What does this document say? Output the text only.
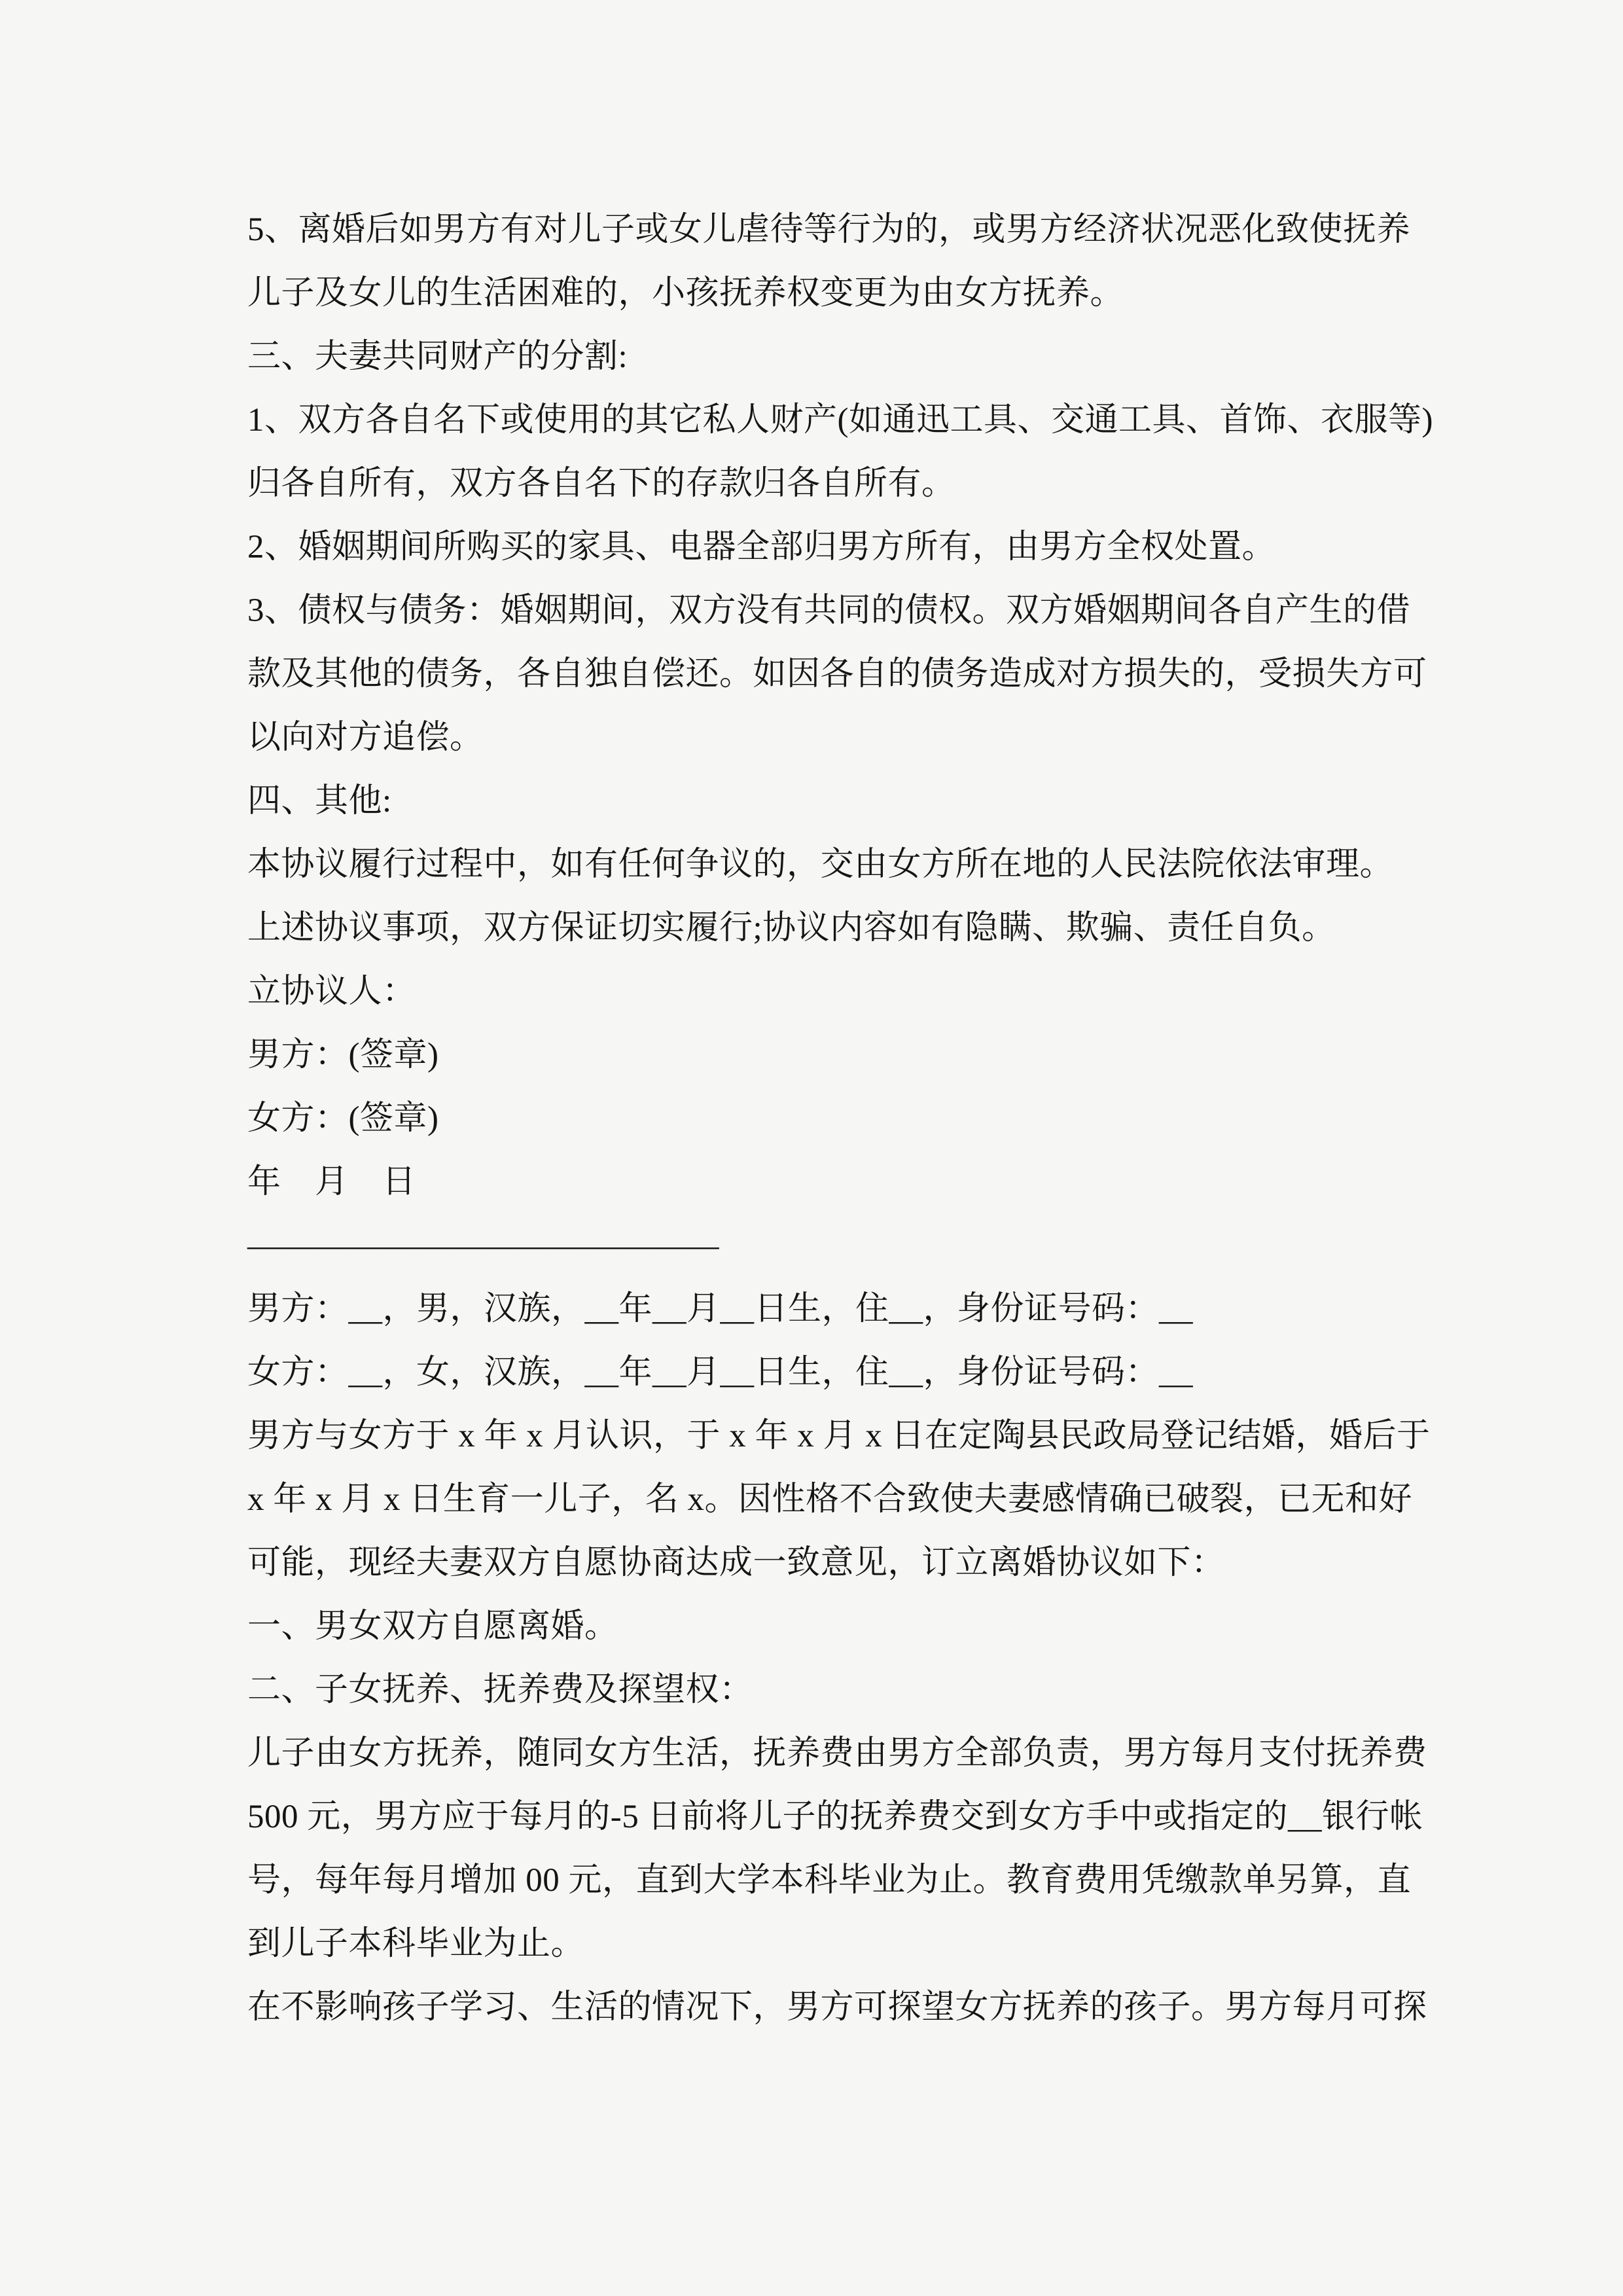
5、离婚后如男方有对儿子或女儿虐待等行为的，或男方经济状况恶化致使抚养

儿子及女儿的生活困难的，小孩抚养权变更为由女方抚养。

三、夫妻共同财产的分割:

1、双方各自名下或使用的其它私人财产(如通迅工具、交通工具、首饰、衣服等)

归各自所有，双方各自名下的存款归各自所有。

2、婚姻期间所购买的家具、电器全部归男方所有，由男方全权处置。

3、债权与债务：婚姻期间，双方没有共同的债权。双方婚姻期间各自产生的借

款及其他的债务，各自独自偿还。如因各自的债务造成对方损失的，受损失方可

以向对方追偿。

四、其他:

本协议履行过程中，如有任何争议的，交由女方所在地的人民法院依法审理。

上述协议事项，双方保证切实履行;协议内容如有隐瞒、欺骗、责任自负。

立协议人：

男方：(签章)

女方：(签章)

年　月　日

——————————————

男方：__，男，汉族，__年__月__日生，住__，身份证号码：__

女方：__，女，汉族，__年__月__日生，住__，身份证号码：__

男方与女方于 x 年 x 月认识，于 x 年 x 月 x 日在定陶县民政局登记结婚，婚后于

x 年 x 月 x 日生育一儿子，名 x。因性格不合致使夫妻感情确已破裂，已无和好

可能，现经夫妻双方自愿协商达成一致意见，订立离婚协议如下：

一、男女双方自愿离婚。

二、子女抚养、抚养费及探望权：

儿子由女方抚养，随同女方生活，抚养费由男方全部负责，男方每月支付抚养费

500 元，男方应于每月的-5 日前将儿子的抚养费交到女方手中或指定的__银行帐

号，每年每月增加 00 元，直到大学本科毕业为止。教育费用凭缴款单另算，直

到儿子本科毕业为止。

在不影响孩子学习、生活的情况下，男方可探望女方抚养的孩子。男方每月可探
